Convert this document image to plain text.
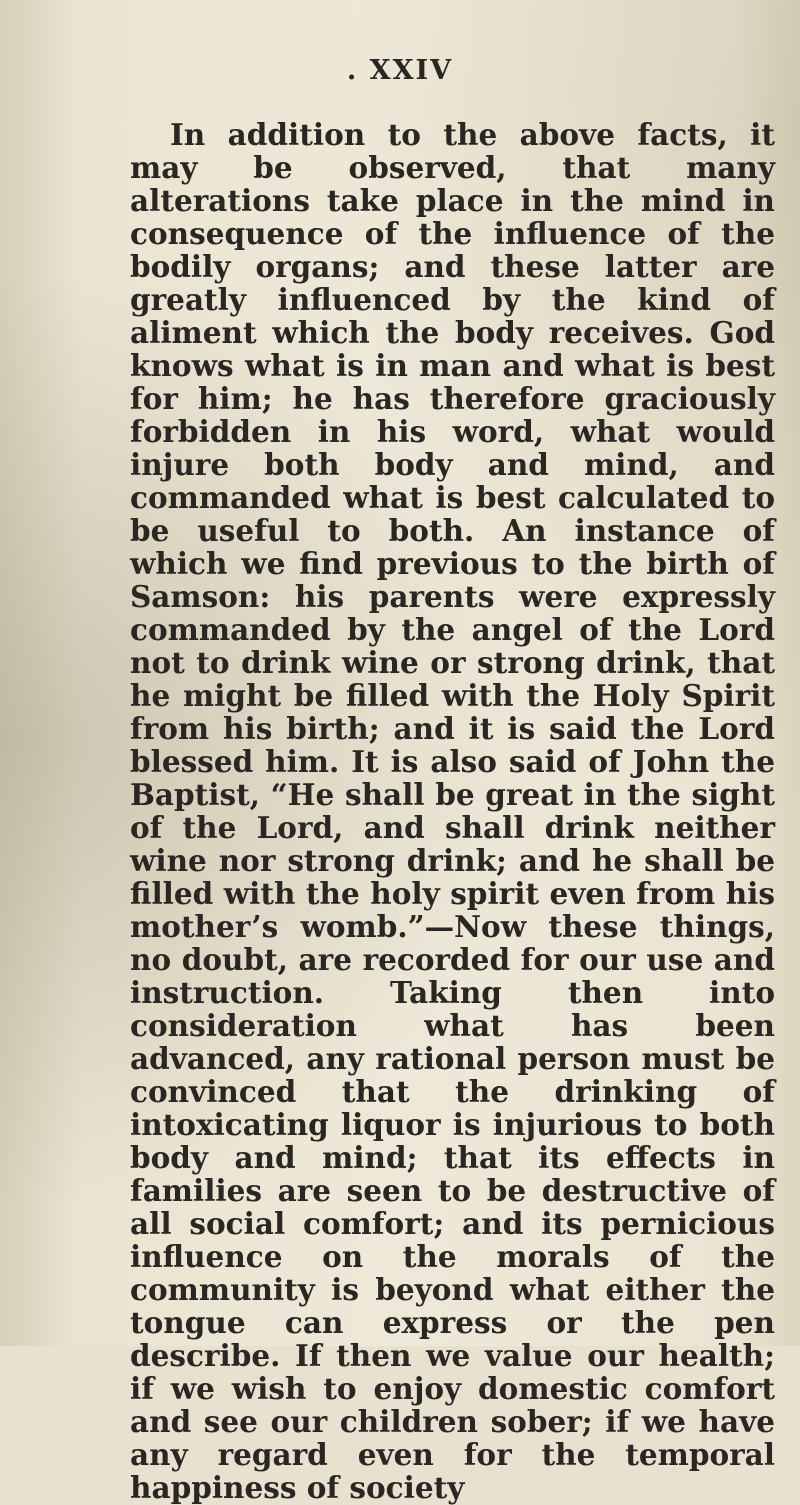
. XXIV

In addition to the above facts, it may be observed, that many alterations take place in the mind in consequence of the influence of the bodily organs; and these latter are greatly influenced by the kind of aliment which the body receives. God knows what is in man and what is best for him; he has therefore graciously forbidden in his word, what would injure both body and mind, and commanded what is best calculated to be useful to both. An instance of which we find previous to the birth of Samson: his parents were expressly commanded by the angel of the Lord not to drink wine or strong drink, that he might be filled with the Holy Spirit from his birth; and it is said the Lord blessed him. It is also said of John the Baptist, “He shall be great in the sight of the Lord, and shall drink neither wine nor strong drink; and he shall be filled with the holy spirit even from his mother’s womb.”—Now these things, no doubt, are recorded for our use and instruction. Taking then into consideration what has been advanced, any rational person must be convinced that the drinking of intoxicating liquor is injurious to both body and mind; that its effects in families are seen to be destructive of all social comfort; and its pernicious influence on the morals of the community is beyond what either the tongue can express or the pen describe. If then we value our health; if we wish to enjoy domestic comfort and see our children sober; if we have any regard even for the temporal happiness of society
